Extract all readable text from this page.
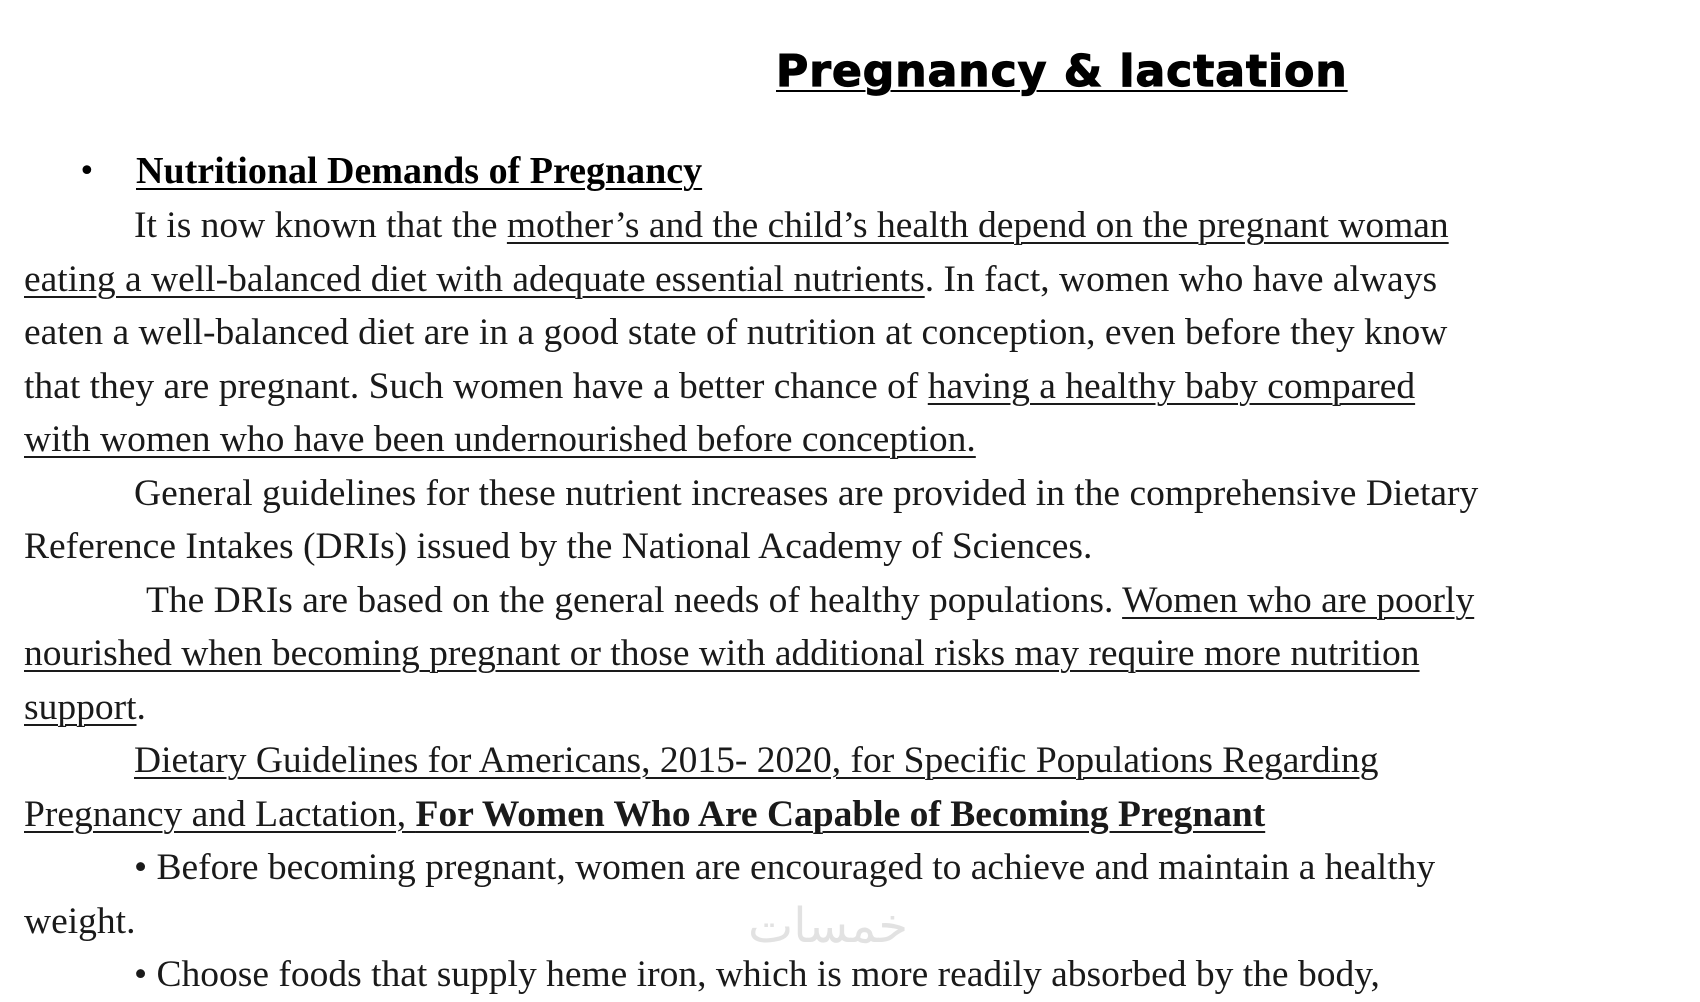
Pregnancy & lactation
•	Nutritional Demands of Pregnancy
It is now known that the mother’s and the child’s health depend on the pregnant woman
eating a well-balanced diet with adequate essential nutrients. In fact, women who have always
eaten a well-balanced diet are in a good state of nutrition at conception, even before they know
that they are pregnant. Such women have a better chance of having a healthy baby compared
with women who have been undernourished before conception.
General guidelines for these nutrient increases are provided in the comprehensive Dietary
Reference Intakes (DRIs) issued by the National Academy of Sciences.
The DRIs are based on the general needs of healthy populations. Women who are poorly
nourished when becoming pregnant or those with additional risks may require more nutrition
support.
Dietary Guidelines for Americans, 2015- 2020, for Specific Populations Regarding
Pregnancy and Lactation, For Women Who Are Capable of Becoming Pregnant
• Before becoming pregnant, women are encouraged to achieve and maintain a healthy
weight.
• Choose foods that supply heme iron, which is more readily absorbed by the body,
خمسات
